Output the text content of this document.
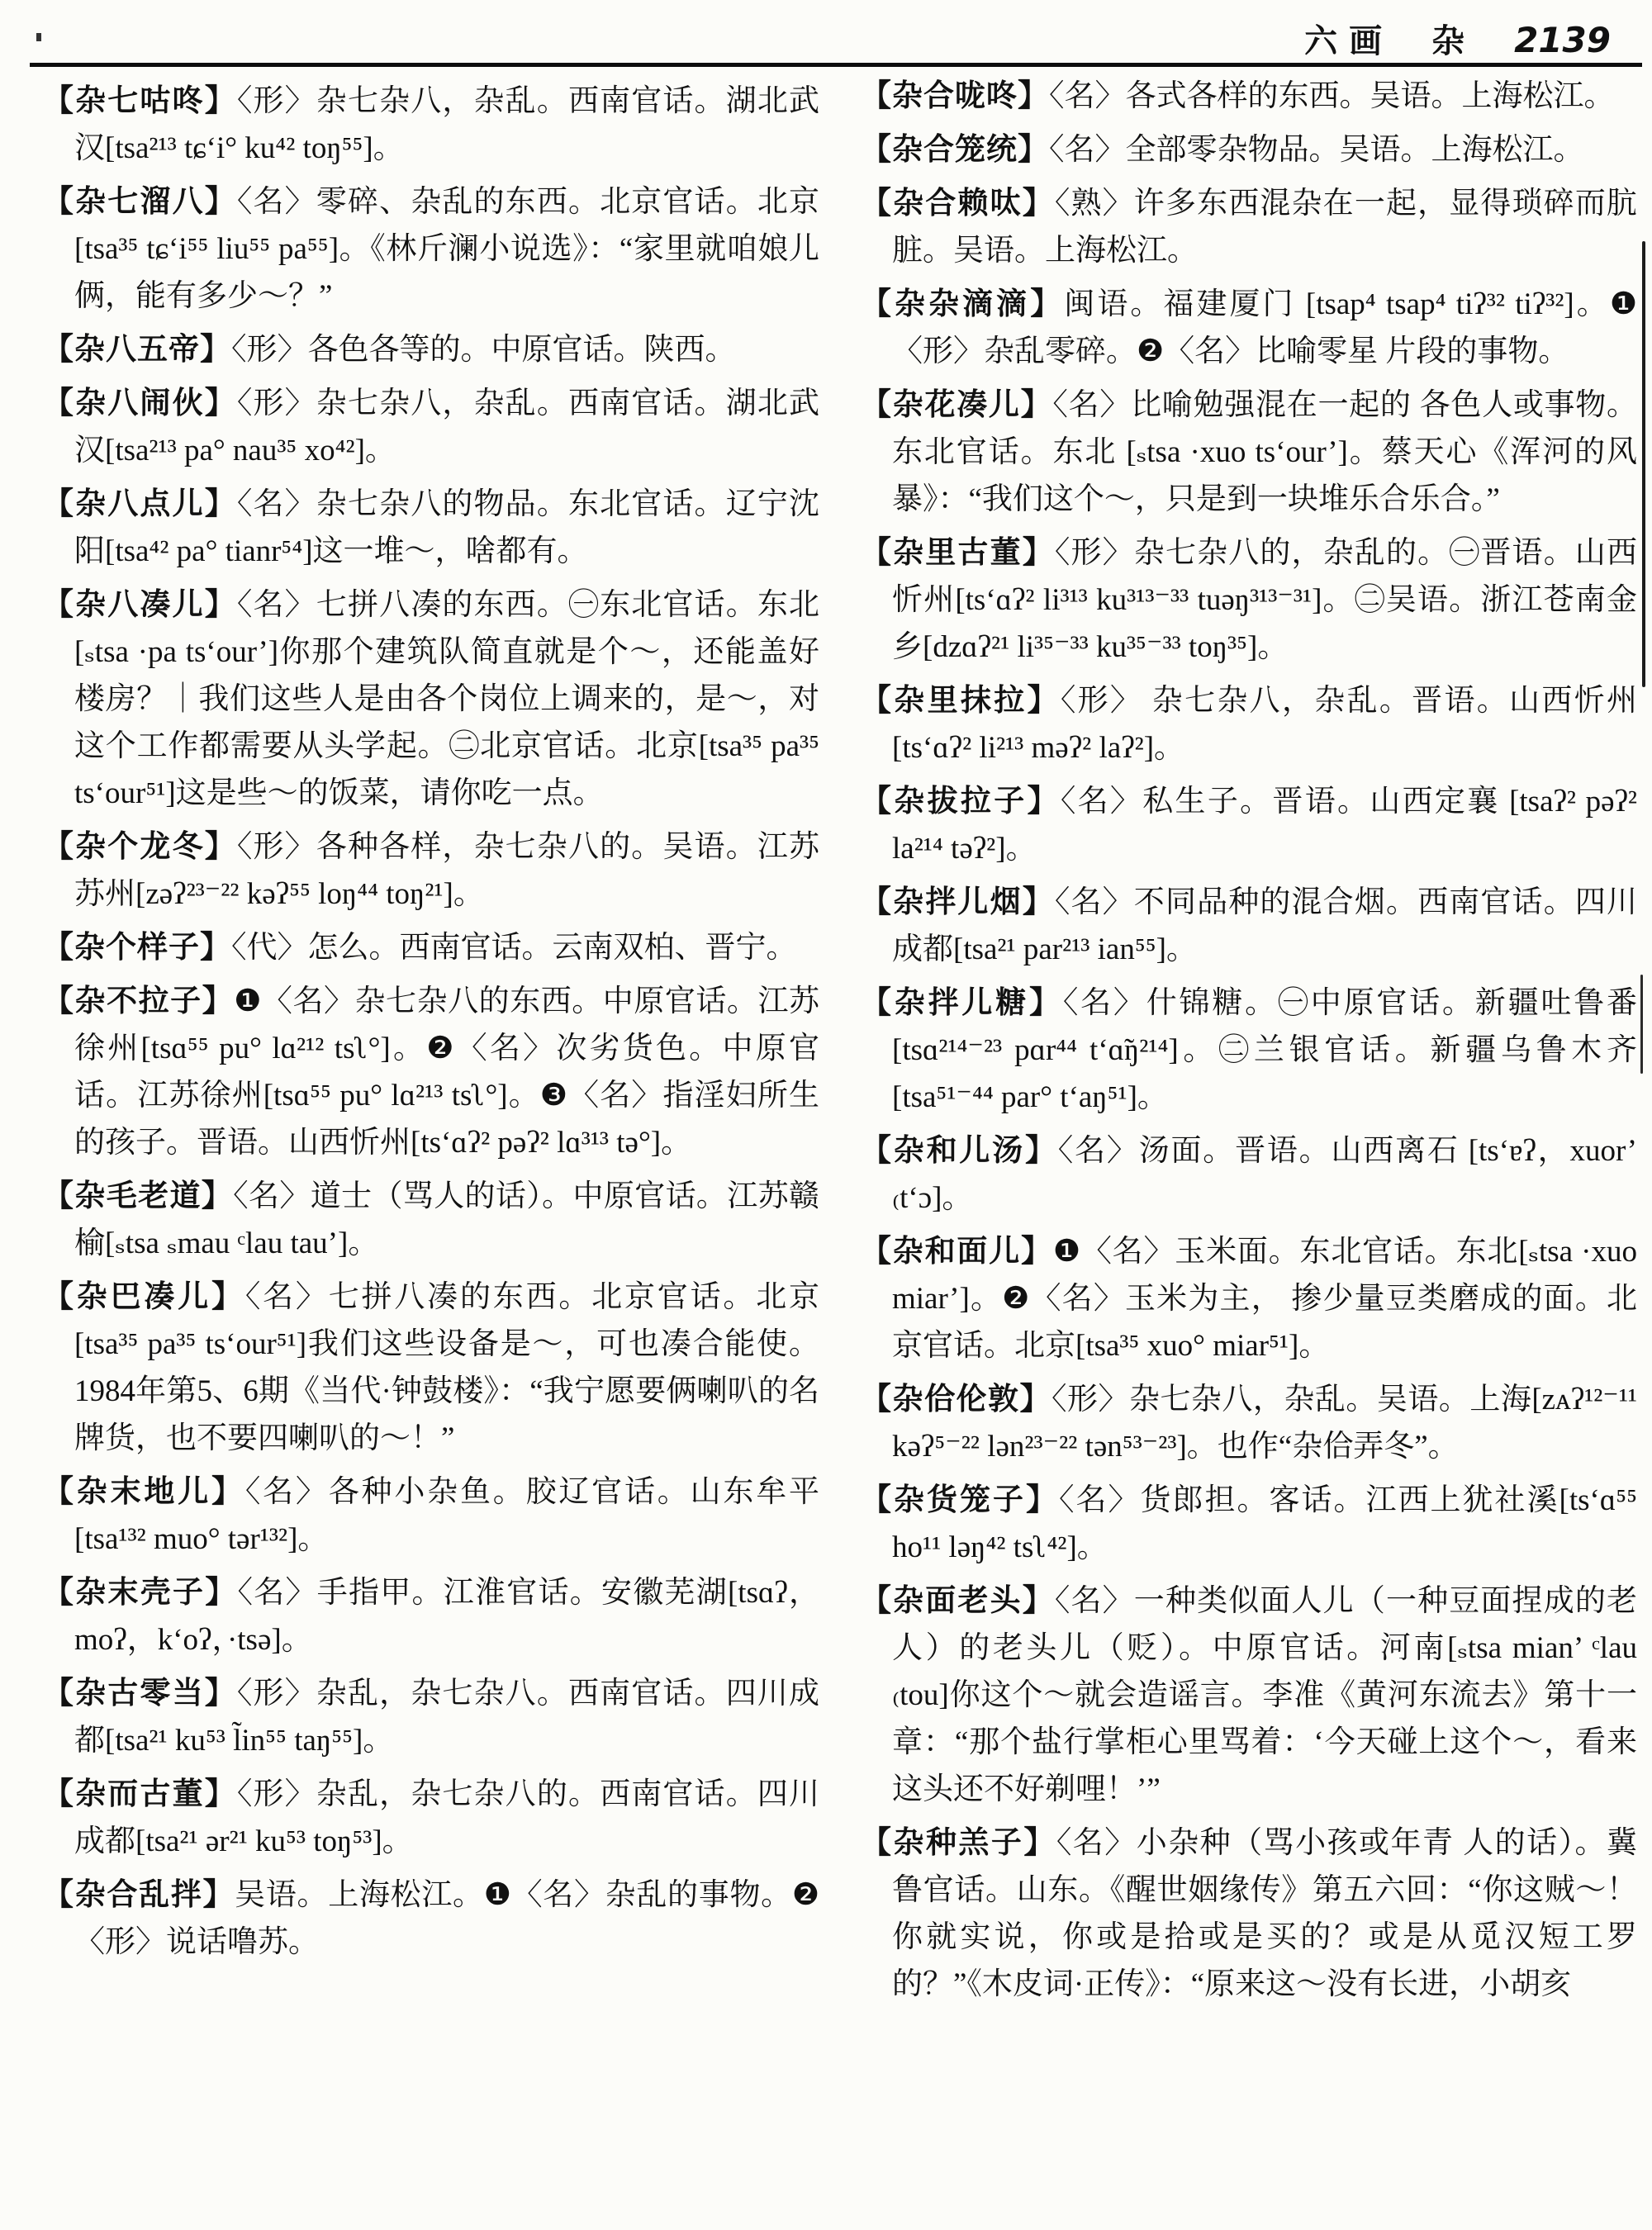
六画 杂 2139

【杂七咕咚】〈形〉杂七杂八，杂乱。西南官话。湖北武汉[tsa²¹³ tɕ‘i° ku⁴² toŋ⁵⁵]。

【杂七溜八】〈名〉零碎、杂乱的东西。北京官话。北京[tsa³⁵ tɕ‘i⁵⁵ liu⁵⁵ pa⁵⁵]。《林斤澜小说选》：“家里就咱娘儿俩，能有多少～？”

【杂八五帝】〈形〉各色各等的。中原官话。陕西。

【杂八闹伙】〈形〉杂七杂八，杂乱。西南官话。湖北武汉[tsa²¹³ pa° nau³⁵ xo⁴²]。

【杂八点儿】〈名〉杂七杂八的物品。东北官话。辽宁沈阳[tsa⁴² pa° tianr⁵⁴]这一堆～，啥都有。

【杂八凑儿】〈名〉七拼八凑的东西。㊀东北官话。东北[ₛtsa ·pa ts‘our’]你那个建筑队简直就是个～，还能盖好楼房？｜我们这些人是由各个岗位上调来的，是～，对这个工作都需要从头学起。㊁北京官话。北京[tsa³⁵ pa³⁵ ts‘our⁵¹]这是些～的饭菜，请你吃一点。

【杂个龙冬】〈形〉各种各样，杂七杂八的。吴语。江苏苏州[zəʔ²³⁻²² kəʔ⁵⁵ loŋ⁴⁴ toŋ²¹]。

【杂个样子】〈代〉怎么。西南官话。云南双柏、晋宁。

【杂不拉子】❶〈名〉杂七杂八的东西。中原官话。江苏徐州[tsɑ⁵⁵ pu° lɑ²¹² tsʅ°]。❷〈名〉次劣货色。中原官话。江苏徐州[tsɑ⁵⁵ pu° lɑ²¹³ tsʅ°]。❸〈名〉指淫妇所生的孩子。晋语。山西忻州[ts‘ɑʔ² pəʔ² lɑ³¹³ tə°]。

【杂毛老道】〈名〉道士（骂人的话）。中原官话。江苏赣榆[ₛtsa ₛmau ᶜlau tau’]。

【杂巴凑儿】〈名〉七拼八凑的东西。北京官话。北京[tsa³⁵ pa³⁵ ts‘our⁵¹]我们这些设备是～，可也凑合能使。1984年第5、6期《当代·钟鼓楼》：“我宁愿要俩喇叭的名牌货，也不要四喇叭的～！”

【杂末地儿】〈名〉各种小杂鱼。胶辽官话。山东牟平[tsa¹³² muo° tər¹³²]。

【杂末壳子】〈名〉手指甲。江淮官话。安徽芜湖[tsɑʔ，moʔ，k‘oʔ，·tsə]。

【杂古零当】〈形〉杂乱，杂七杂八。西南官话。四川成都[tsa²¹ ku⁵³ l̃in⁵⁵ taŋ⁵⁵]。

【杂而古董】〈形〉杂乱，杂七杂八的。西南官话。四川成都[tsa²¹ ər²¹ ku⁵³ toŋ⁵³]。

【杂合乱拌】吴语。上海松江。❶〈名〉杂乱的事物。❷〈形〉说话噜苏。

【杂合咙咚】〈名〉各式各样的东西。吴语。上海松江。

【杂合笼统】〈名〉全部零杂物品。吴语。上海松江。

【杂合赖呔】〈熟〉许多东西混杂在一起，显得琐碎而肮脏。吴语。上海松江。

【杂杂滴滴】闽语。福建厦门 [tsap⁴ tsap⁴ tiʔ³² tiʔ³²]。❶〈形〉杂乱零碎。❷〈名〉比喻零星 片段的事物。

【杂花凑儿】〈名〉比喻勉强混在一起的 各色人或事物。东北官话。东北 [ₛtsa ·xuo ts‘our’]。蔡天心《浑河的风暴》：“我们这个～，只是到一块堆乐合乐合。”

【杂里古董】〈形〉杂七杂八的，杂乱的。㊀晋语。山西忻州[ts‘ɑʔ² li³¹³ ku³¹³⁻³³ tuəŋ³¹³⁻³¹]。㊁吴语。浙江苍南金乡[dzɑʔ²¹ li³⁵⁻³³ ku³⁵⁻³³ toŋ³⁵]。

【杂里抹拉】〈形〉 杂七杂八，杂乱。晋语。山西忻州[ts‘ɑʔ² li²¹³ məʔ² laʔ²]。

【杂拔拉子】〈名〉私生子。晋语。山西定襄 [tsaʔ² pəʔ² la²¹⁴ təʔ²]。

【杂拌儿烟】〈名〉不同品种的混合烟。西南官话。四川成都[tsa²¹ par²¹³ ian⁵⁵]。

【杂拌儿糖】〈名〉什锦糖。㊀中原官话。新疆吐鲁番[tsɑ²¹⁴⁻²³ pɑr⁴⁴ t‘ɑ̃ŋ²¹⁴]。㊁兰银官话。新疆乌鲁木齐[tsa⁵¹⁻⁴⁴ par° t‘aŋ⁵¹]。

【杂和儿汤】〈名〉汤面。晋语。山西离石 [ts‘ɐʔ，xuor’ ₍t‘ɔ]。

【杂和面儿】❶〈名〉玉米面。东北官话。东北[ₛtsa ·xuo miar’]。❷〈名〉玉米为主， 掺少量豆类磨成的面。北京官话。北京[tsa³⁵ xuo° miar⁵¹]。

【杂佮伦敦】〈形〉杂七杂八，杂乱。吴语。上海[zᴀʔ¹²⁻¹¹ kəʔ⁵⁻²² lən²³⁻²² tən⁵³⁻²³]。也作“杂佮弄冬”。

【杂货笼子】〈名〉货郎担。客话。江西上犹社溪[ts‘ɑ⁵⁵ ho¹¹ ləŋ⁴² tsʅ⁴²]。

【杂面老头】〈名〉一种类似面人儿（一种豆面捏成的老人）的老头儿（贬）。中原官话。河南[ₛtsa mian’ ᶜlau ₍tou]你这个～就会造谣言。李准《黄河东流去》第十一章：“那个盐行掌柜心里骂着：‘今天碰上这个～，看来这头还不好剃哩！’”

【杂种羔子】〈名〉小杂种（骂小孩或年青 人的话）。冀鲁官话。山东。《醒世姻缘传》第五六回：“你这贼～！你就实说，你或是拾或是买的？或是从觅汉短工罗的？”《木皮词·正传》：“原来这～没有长进，小胡亥
